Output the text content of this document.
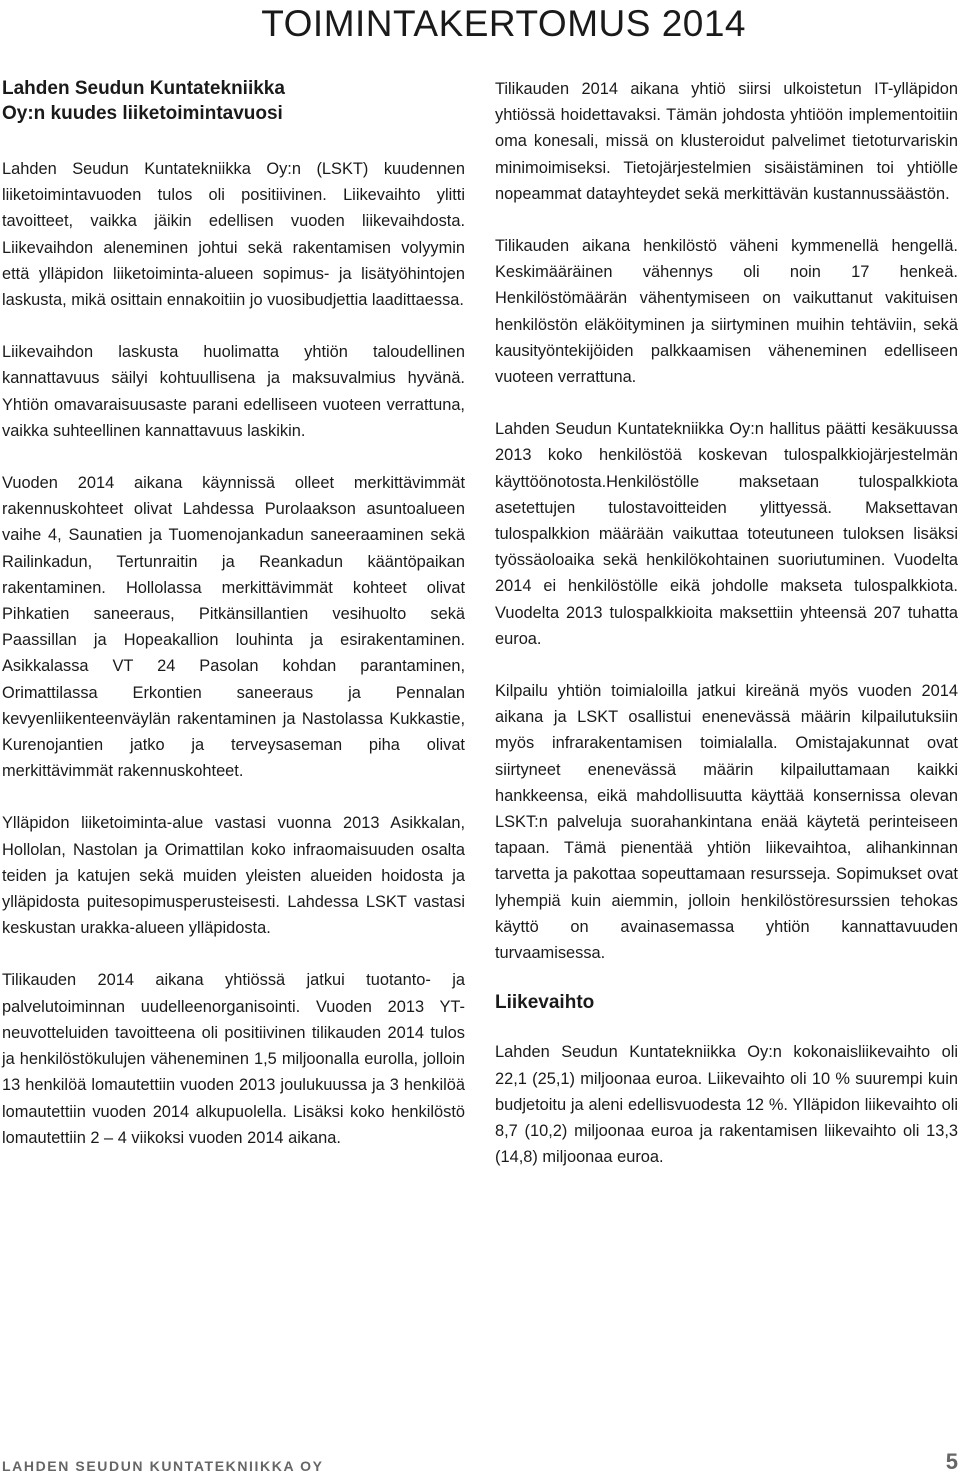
TOIMINTAKERTOMUS 2014
Lahden Seudun Kuntatekniikka
Oy:n kuudes liiketoimintavuosi

Lahden Seudun Kuntatekniikka Oy:n (LSKT) kuudennen liiketoimintavuoden tulos oli positiivinen. Liikevaihto ylitti tavoitteet, vaikka jäikin edellisen vuoden liikevaihdosta. Liikevaihdon aleneminen johtui sekä rakentamisen volyymin että ylläpidon liiketoiminta-alueen sopimus- ja lisätyöhintojen laskusta, mikä osittain ennakoitiin jo vuosibudjettia laadittaessa.

Liikevaihdon laskusta huolimatta yhtiön taloudellinen kannattavuus säilyi kohtuullisena ja maksuvalmius hyvänä. Yhtiön omavaraisuusaste parani edelliseen vuoteen verrattuna, vaikka suhteellinen kannattavuus laskikin.

Vuoden 2014 aikana käynnissä olleet merkittävimmät rakennuskohteet olivat Lahdessa Purolaakson asuntoalueen vaihe 4, Saunatien ja Tuomenojankadun saneeraaminen sekä Railinkadun, Tertunraitin ja Reankadun kääntöpaikan rakentaminen. Hollolassa merkittävimmät kohteet olivat Pihkatien saneeraus, Pitkänsillantien vesihuolto sekä Paassillan ja Hopeakallion louhinta ja esirakentaminen. Asikkalassa VT 24 Pasolan kohdan parantaminen, Orimattilassa Erkontien saneeraus ja Pennalan kevyenliikenteenväylän rakentaminen ja Nastolassa Kukkastie, Kurenojantien jatko ja terveysaseman piha olivat merkittävimmät rakennuskohteet.

Ylläpidon liiketoiminta-alue vastasi vuonna 2013 Asikkalan, Hollolan, Nastolan ja Orimattilan koko infraomaisuuden osalta teiden ja katujen sekä muiden yleisten alueiden hoidosta ja ylläpidosta puitesopimusperusteisesti. Lahdessa LSKT vastasi keskustan urakka-alueen ylläpidosta.

Tilikauden 2014 aikana yhtiössä jatkui tuotanto- ja palvelutoiminnan uudelleenorganisointi. Vuoden 2013 YT-neuvotteluiden tavoitteena oli positiivinen tilikauden 2014 tulos ja henkilöstökulujen väheneminen 1,5 miljoonalla eurolla, jolloin 13 henkilöä lomautettiin vuoden 2013 joulukuussa ja 3 henkilöä lomautettiin vuoden 2014 alkupuolella. Lisäksi koko henkilöstö lomautettiin 2 – 4 viikoksi vuoden 2014 aikana.

Tilikauden 2014 aikana yhtiö siirsi ulkoistetun IT-ylläpidon yhtiössä hoidettavaksi. Tämän johdosta yhtiöön implementoitiin oma konesali, missä on klusteroidut palvelimet tietoturvariskin minimoimiseksi. Tietojärjestelmien sisäistäminen toi yhtiölle nopeammat datayhteydet sekä merkittävän kustannussäästön.

Tilikauden aikana henkilöstö väheni kymmenellä hengellä. Keskimääräinen vähennys oli noin 17 henkeä. Henkilöstömäärän vähentymiseen on vaikuttanut vakituisen henkilöstön eläköityminen ja siirtyminen muihin tehtäviin, sekä kausityöntekijöiden palkkaamisen väheneminen edelliseen vuoteen verrattuna.

Lahden Seudun Kuntatekniikka Oy:n hallitus päätti kesäkuussa 2013 koko henkilöstöä koskevan tulospalkkiojärjestelmän käyttöönotosta.Henkilöstölle maksetaan tulospalkkiota asetettujen tulostavoitteiden ylittyessä. Maksettavan tulospalkkion määrään vaikuttaa toteutuneen tuloksen lisäksi työssäoloaika sekä henkilökohtainen suoriutuminen. Vuodelta 2014 ei henkilöstölle eikä johdolle makseta tulospalkkiota. Vuodelta 2013 tulospalkkioita maksettiin yhteensä 207 tuhatta euroa.

Kilpailu yhtiön toimialoilla jatkui kireänä myös vuoden 2014 aikana ja LSKT osallistui enenevässä määrin kilpailutuksiin myös infrarakentamisen toimialalla. Omistajakunnat ovat siirtyneet enenevässä määrin kilpailuttamaan kaikki hankkeensa, eikä mahdollisuutta käyttää konsernissa olevan LSKT:n palveluja suorahankintana enää käytetä perinteiseen tapaan. Tämä pienentää yhtiön liikevaihtoa, alihankinnan tarvetta ja pakottaa sopeuttamaan resursseja. Sopimukset ovat lyhempiä kuin aiemmin, jolloin henkilöstöresurssien tehokas käyttö on avainasemassa yhtiön kannattavuuden turvaamisessa.

Liikevaihto

Lahden Seudun Kuntatekniikka Oy:n kokonaisliikevaihto oli 22,1 (25,1) miljoonaa euroa. Liikevaihto oli 10 % suurempi kuin budjetoitu ja aleni edellisvuodesta 12 %. Ylläpidon liikevaihto oli 8,7 (10,2) miljoonaa euroa ja rakentamisen liikevaihto oli 13,3 (14,8) miljoonaa euroa.

LAHDEN SEUDUN KUNTATEKNIIKKA OY	5
